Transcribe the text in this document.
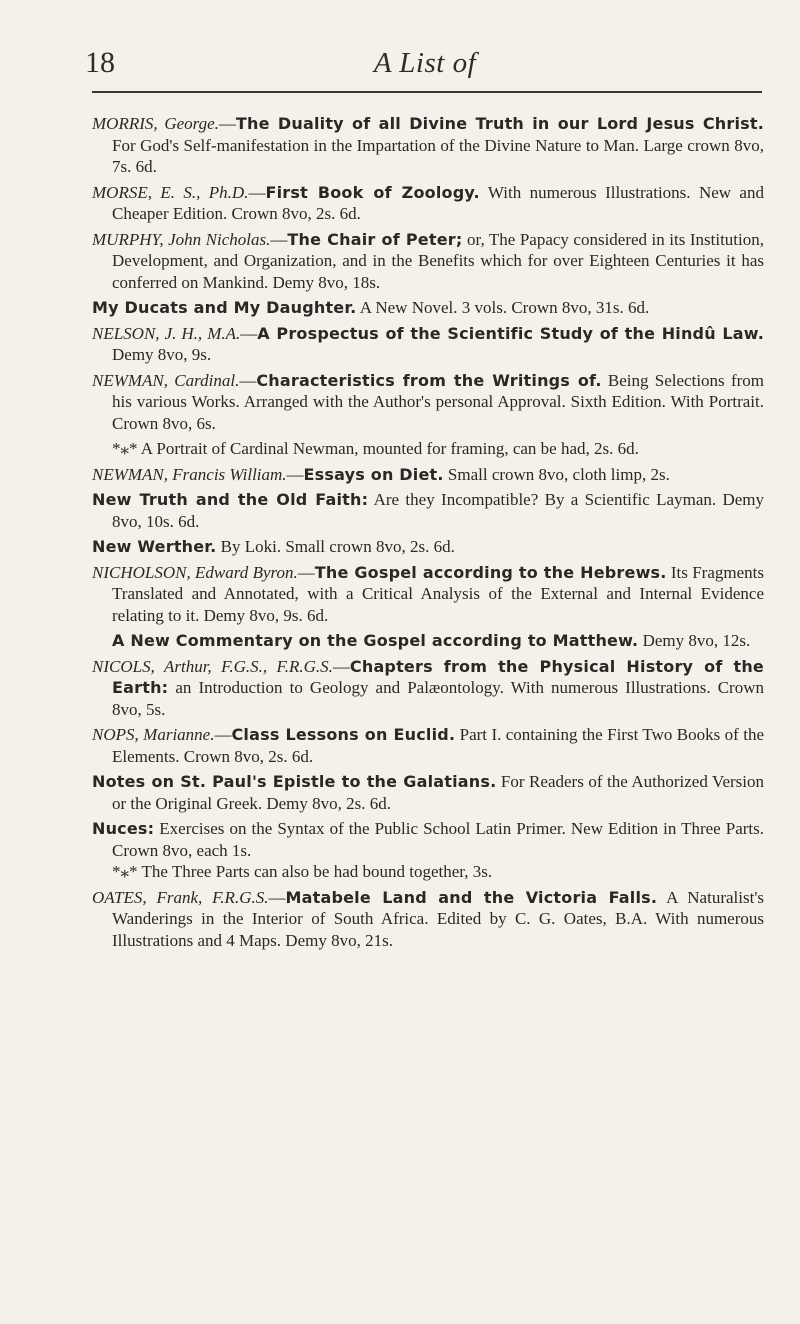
18	A List of

MORRIS, George.—The Duality of all Divine Truth in our Lord Jesus Christ. For God's Self-manifestation in the Impartation of the Divine Nature to Man. Large crown 8vo, 7s. 6d.

MORSE, E. S., Ph.D.—First Book of Zoology. With numerous Illustrations. New and Cheaper Edition. Crown 8vo, 2s. 6d.

MURPHY, John Nicholas.—The Chair of Peter; or, The Papacy considered in its Institution, Development, and Organization, and in the Benefits which for over Eighteen Centuries it has conferred on Mankind. Demy 8vo, 18s.

My Ducats and My Daughter. A New Novel. 3 vols. Crown 8vo, 31s. 6d.

NELSON, J. H., M.A.—A Prospectus of the Scientific Study of the Hindû Law. Demy 8vo, 9s.

NEWMAN, Cardinal.—Characteristics from the Writings of. Being Selections from his various Works. Arranged with the Author's personal Approval. Sixth Edition. With Portrait. Crown 8vo, 6s.

*⁎* A Portrait of Cardinal Newman, mounted for framing, can be had, 2s. 6d.

NEWMAN, Francis William.—Essays on Diet. Small crown 8vo, cloth limp, 2s.

New Truth and the Old Faith: Are they Incompatible? By a Scientific Layman. Demy 8vo, 10s. 6d.

New Werther. By Loki. Small crown 8vo, 2s. 6d.

NICHOLSON, Edward Byron.—The Gospel according to the Hebrews. Its Fragments Translated and Annotated, with a Critical Analysis of the External and Internal Evidence relating to it. Demy 8vo, 9s. 6d.

A New Commentary on the Gospel according to Matthew. Demy 8vo, 12s.

NICOLS, Arthur, F.G.S., F.R.G.S.—Chapters from the Physical History of the Earth: an Introduction to Geology and Palæontology. With numerous Illustrations. Crown 8vo, 5s.

NOPS, Marianne.—Class Lessons on Euclid. Part I. containing the First Two Books of the Elements. Crown 8vo, 2s. 6d.

Notes on St. Paul's Epistle to the Galatians. For Readers of the Authorized Version or the Original Greek. Demy 8vo, 2s. 6d.

Nuces: Exercises on the Syntax of the Public School Latin Primer. New Edition in Three Parts. Crown 8vo, each 1s.
*⁎* The Three Parts can also be had bound together, 3s.

OATES, Frank, F.R.G.S.—Matabele Land and the Victoria Falls. A Naturalist's Wanderings in the Interior of South Africa. Edited by C. G. Oates, B.A. With numerous Illustrations and 4 Maps. Demy 8vo, 21s.
